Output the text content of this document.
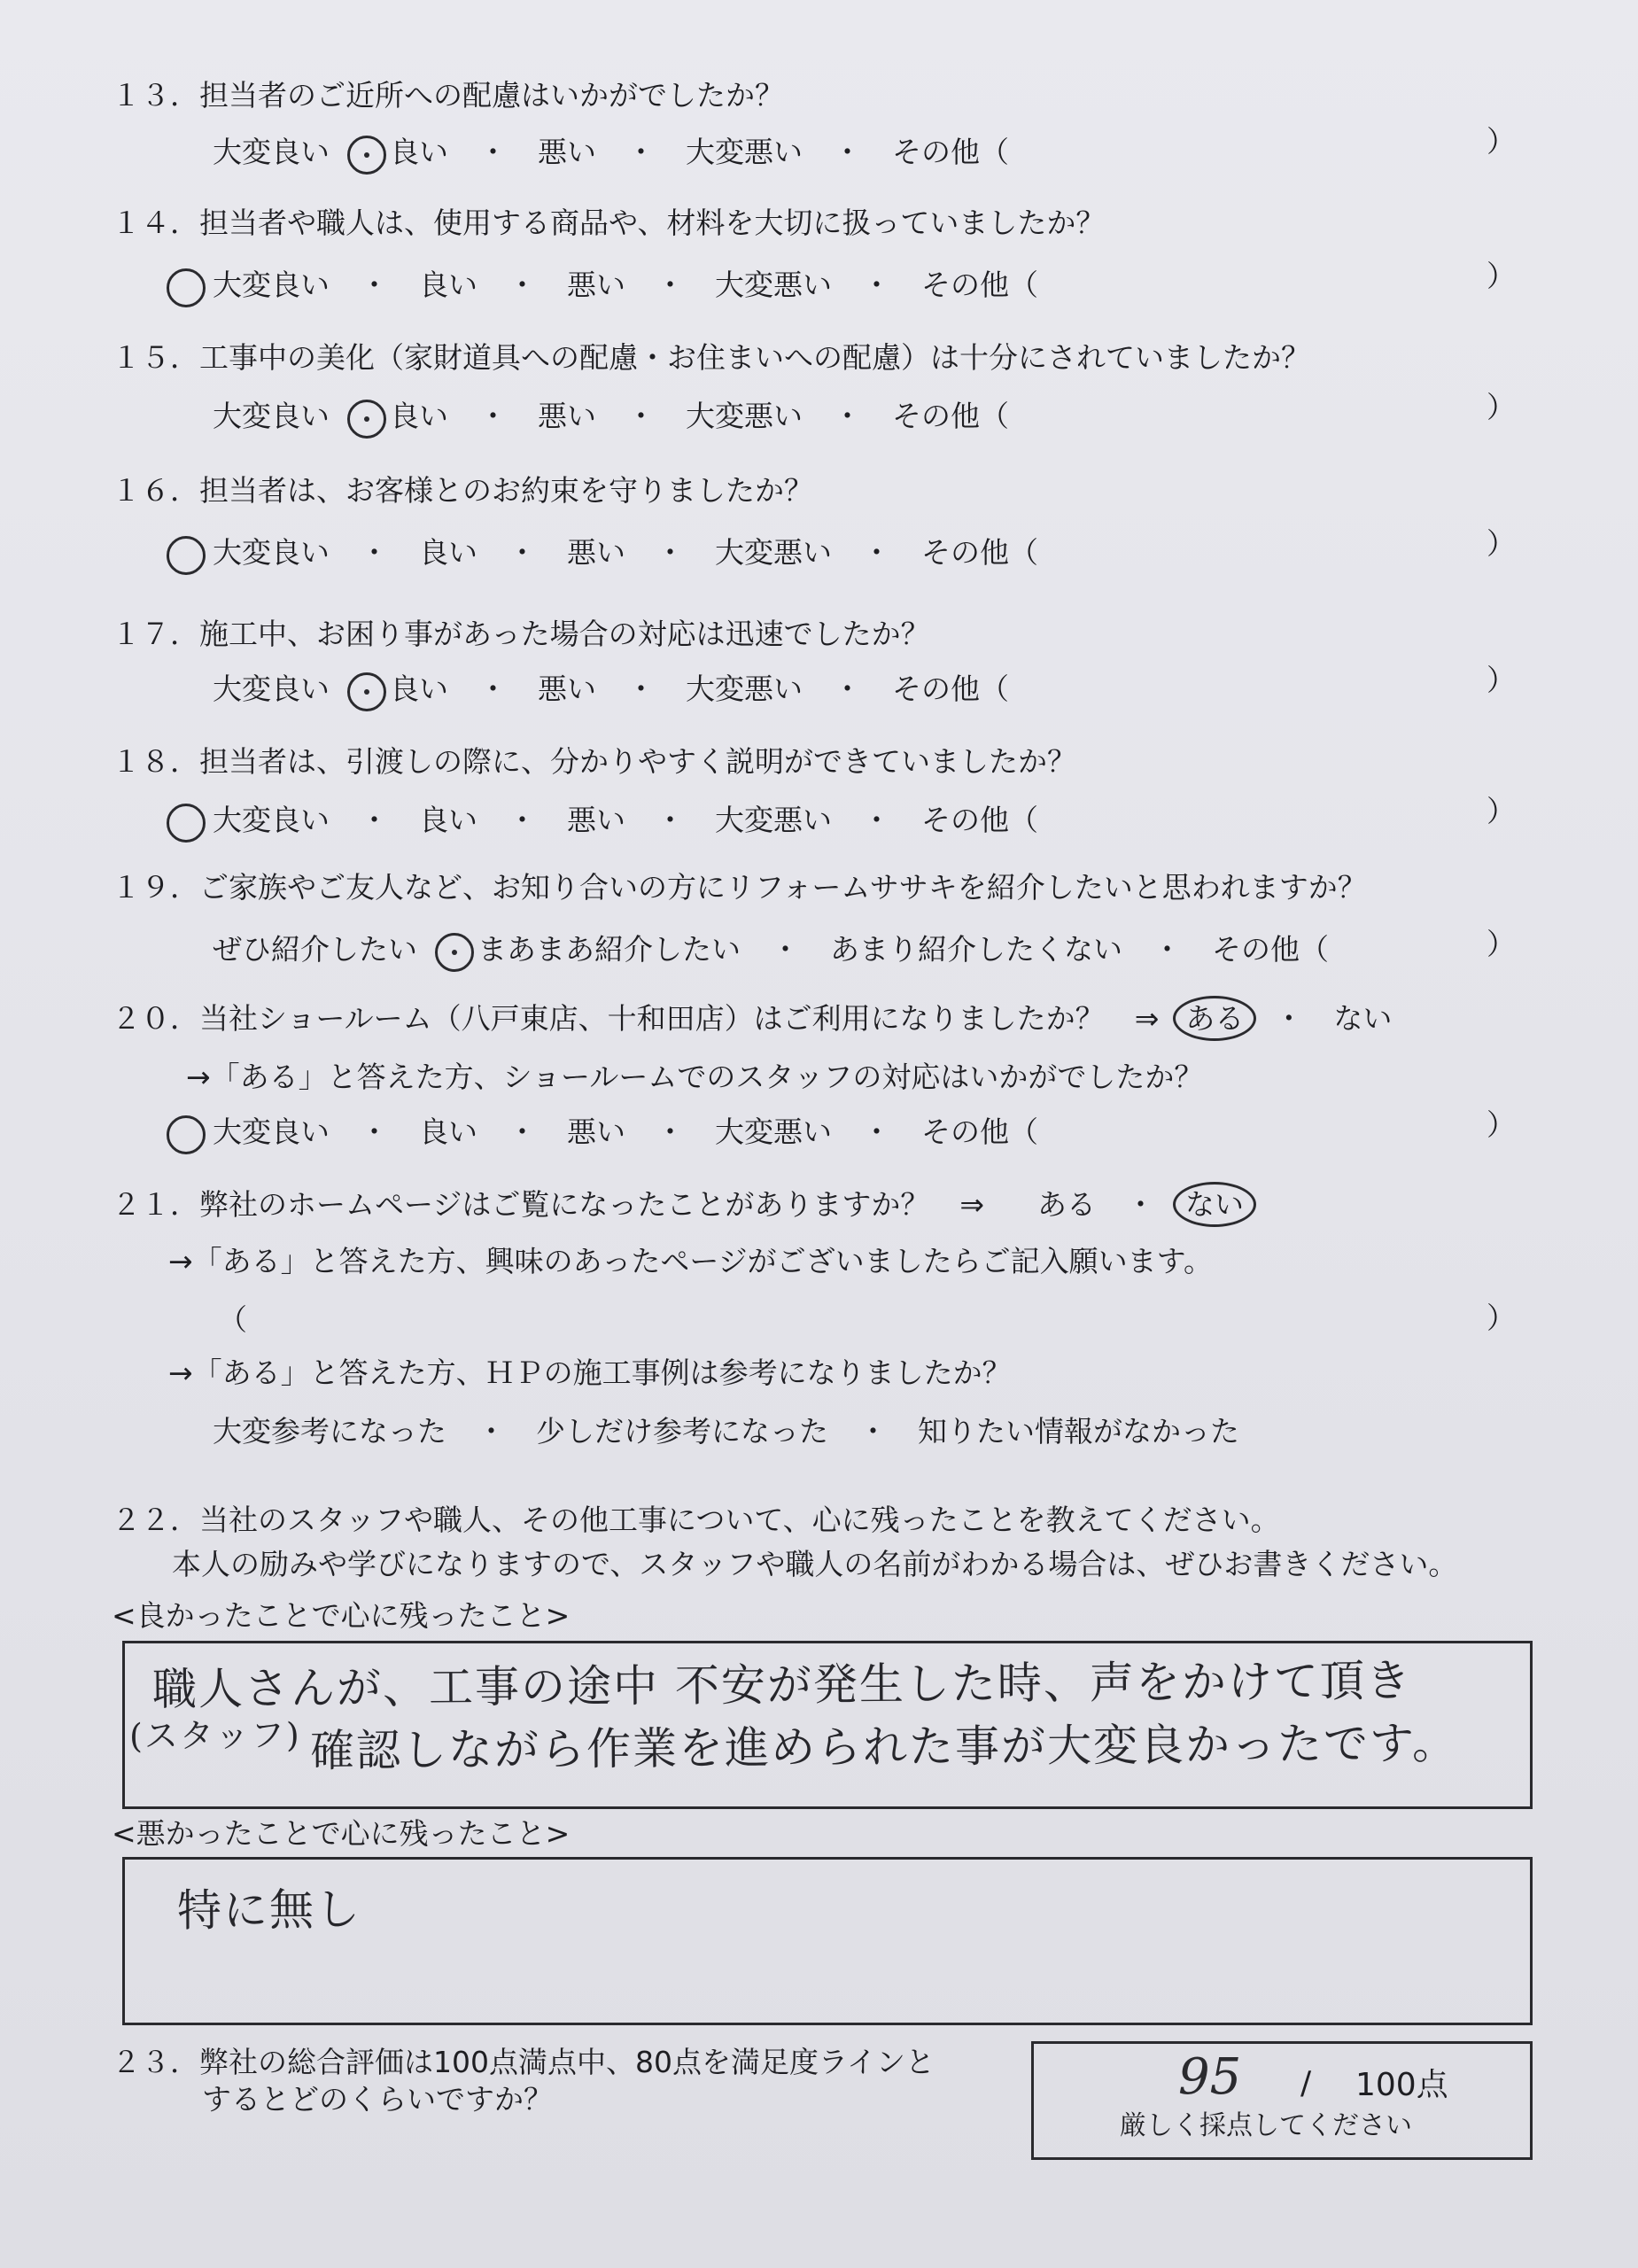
１３．担当者のご近所への配慮はいかがでしたか？
大変良い 良い ・ 悪い ・ 大変悪い ・ その他（	）
１４．担当者や職人は、使用する商品や、材料を大切に扱っていましたか？
大変良い ・ 良い ・ 悪い ・ 大変悪い ・ その他（	）
１５．工事中の美化（家財道具への配慮・お住まいへの配慮）は十分にされていましたか？
大変良い 良い ・ 悪い ・ 大変悪い ・ その他（	）
１６．担当者は、お客様とのお約束を守りましたか？
大変良い ・ 良い ・ 悪い ・ 大変悪い ・ その他（	）
１７．施工中、お困り事があった場合の対応は迅速でしたか？
大変良い 良い ・ 悪い ・ 大変悪い ・ その他（	）
１８．担当者は、引渡しの際に、分かりやすく説明ができていましたか？
大変良い ・ 良い ・ 悪い ・ 大変悪い ・ その他（	）
１９．ご家族やご友人など、お知り合いの方にリフォームササキを紹介したいと思われますか？
ぜひ紹介したい まあまあ紹介したい ・ あまり紹介したくない ・ その他（	）
２０．当社ショールーム（八戸東店、十和田店）はご利用になりましたか？ ⇒ ある ・ ない
→「ある」と答えた方、ショールームでのスタッフの対応はいかがでしたか？
大変良い ・ 良い ・ 悪い ・ 大変悪い ・ その他（	）
２１．弊社のホームページはご覧になったことがありますか？ ⇒ ある ・ ない
→「ある」と答えた方、興味のあったページがございましたらご記入願います。
（	）
→「ある」と答えた方、ＨＰの施工事例は参考になりましたか？
大変参考になった ・ 少しだけ参考になった ・ 知りたい情報がなかった
２２．当社のスタッフや職人、その他工事について、心に残ったことを教えてください。
本人の励みや学びになりますので、スタッフや職人の名前がわかる場合は、ぜひお書きください。
<良かったことで心に残ったこと>
職人さんが、工事の途中 不安が発生した時、声をかけて頂き
(スタッフ) 確認しながら作業を進められた事が大変良かったです。
<悪かったことで心に残ったこと>
特に無し
２３．弊社の総合評価は100点満点中、80点を満足度ラインと
するとどのくらいですか？	95 / 100点
厳しく採点してください
